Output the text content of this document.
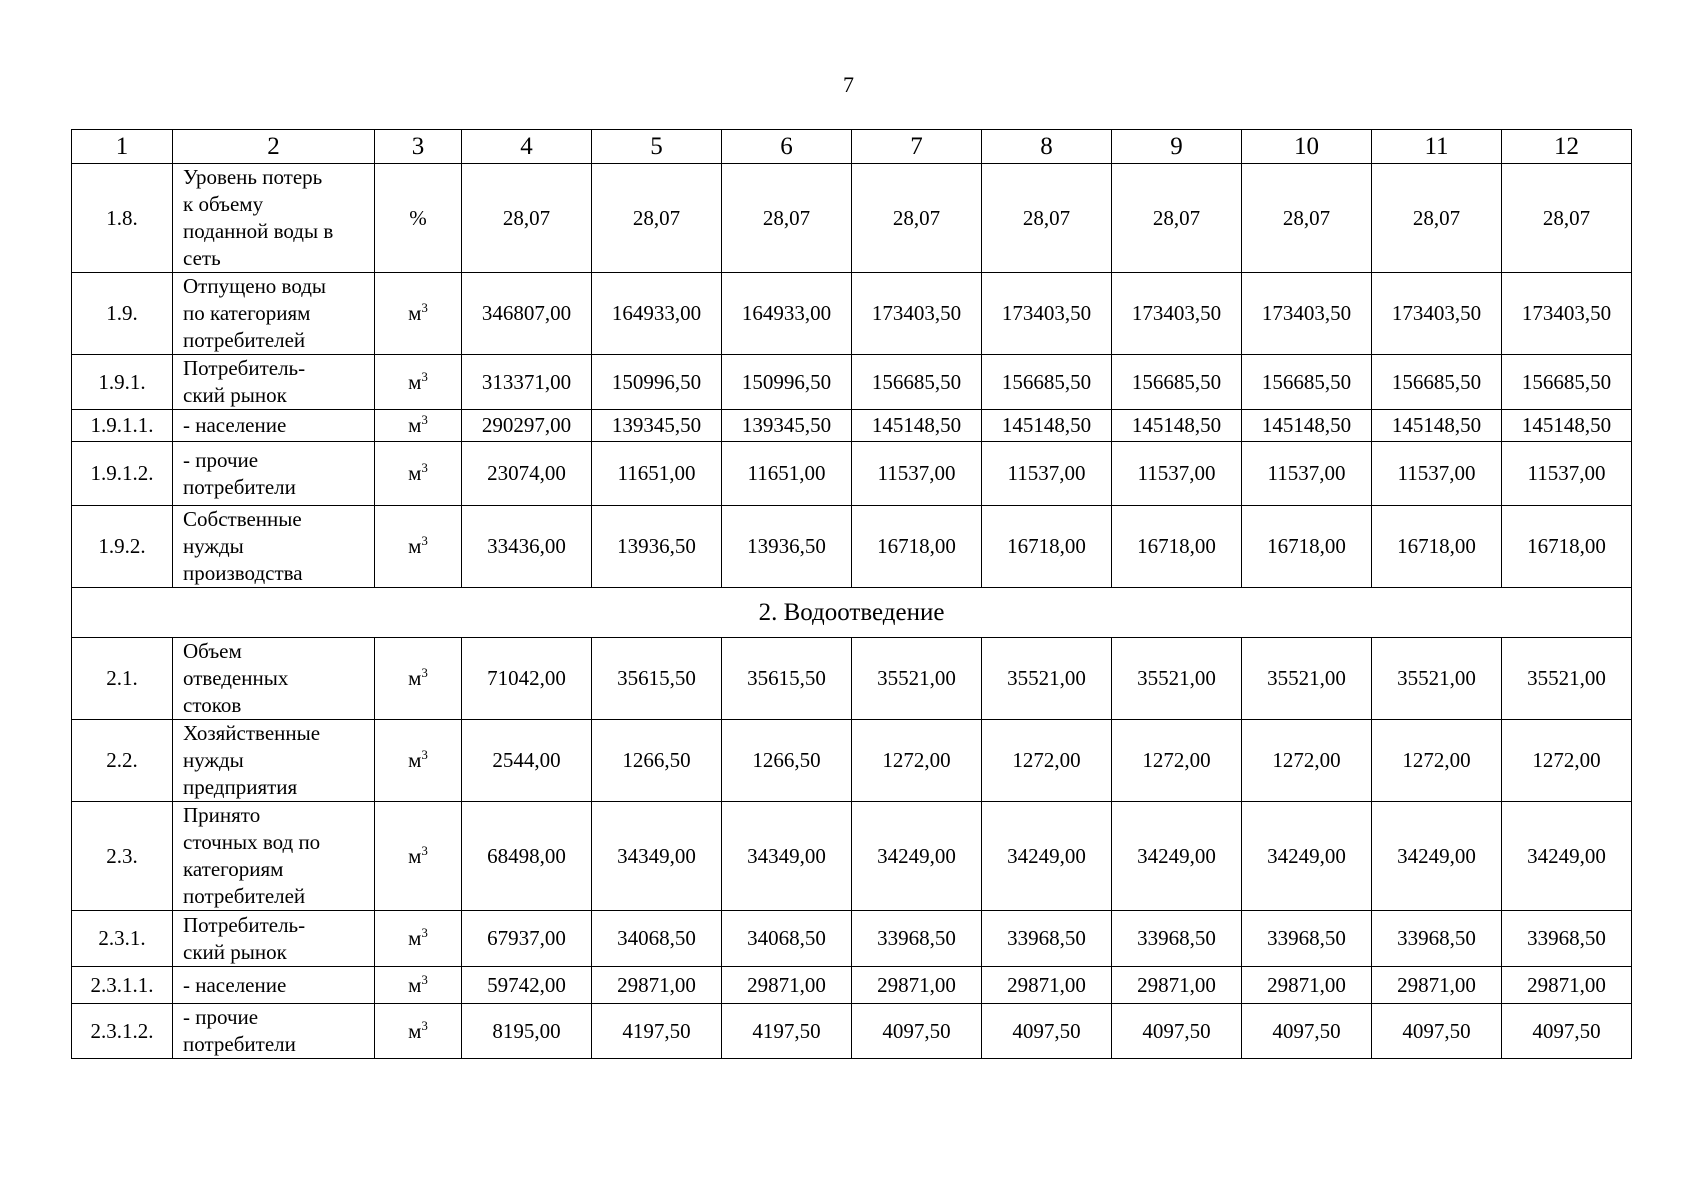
7
1	2	3	4	5	6	7	8	9	10	11	12
1.8.	Уровень потерь
к объему
поданной воды в
сеть	%	28,07	28,07	28,07	28,07	28,07	28,07	28,07	28,07	28,07
1.9.	Отпущено воды
по категориям
потребителей	$м^3$	346807,00	164933,00	164933,00	173403,50	173403,50	173403,50	173403,50	173403,50	173403,50
1.9.1.	Потребитель-
ский рынок	$м^3$	313371,00	150996,50	150996,50	156685,50	156685,50	156685,50	156685,50	156685,50	156685,50
1.9.1.1.	- население	$м^3$	290297,00	139345,50	139345,50	145148,50	145148,50	145148,50	145148,50	145148,50	145148,50
1.9.1.2.	- прочие
потребители	$м^3$	23074,00	11651,00	11651,00	11537,00	11537,00	11537,00	11537,00	11537,00	11537,00
1.9.2.	Собственные
нужды
производства	$м^3$	33436,00	13936,50	13936,50	16718,00	16718,00	16718,00	16718,00	16718,00	16718,00
2. Водоотведение											
2.1.	Объем
отведенных
стоков	$м^3$	71042,00	35615,50	35615,50	35521,00	35521,00	35521,00	35521,00	35521,00	35521,00
2.2.	Хозяйственные
нужды
предприятия	$м^3$	2544,00	1266,50	1266,50	1272,00	1272,00	1272,00	1272,00	1272,00	1272,00
2.3.	Принято
сточных вод по
категориям
потребителей	$м^3$	68498,00	34349,00	34349,00	34249,00	34249,00	34249,00	34249,00	34249,00	34249,00
2.3.1.	Потребитель-
ский рынок	$м^3$	67937,00	34068,50	34068,50	33968,50	33968,50	33968,50	33968,50	33968,50	33968,50
2.3.1.1.	- население	$м^3$	59742,00	29871,00	29871,00	29871,00	29871,00	29871,00	29871,00	29871,00	29871,00
2.3.1.2.	- прочие
потребители	$м^3$	8195,00	4197,50	4197,50	4097,50	4097,50	4097,50	4097,50	4097,50	4097,50
